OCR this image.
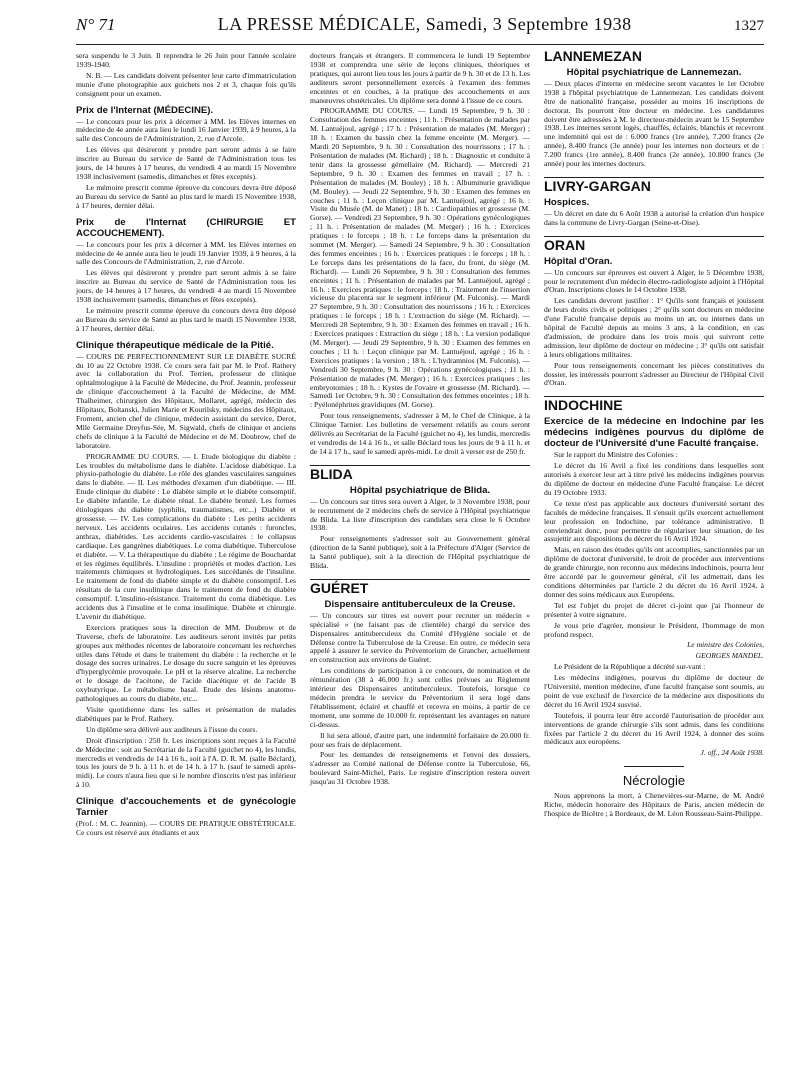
N° 71	LA PRESSE MÉDICALE, Samedi, 3 Septembre 1938	1327

sera suspendu le 3 Juin. Il reprendra le 26 Juin pour l'année scolaire 1939-1940.

N. B. — Les candidats doivent présenter leur carte d'immatriculation munie d'une photographie aux guichets nos 2 et 3, chaque fois qu'ils consignent pour un examen.

Prix de l'Internat (MÉDECINE).

— Le concours pour les prix à décerner à MM. les Elèves internes en médecine de 4e année aura lieu le lundi 16 Janvier 1939, à 9 heures, à la salle des Concours de l'Administration, 2, rue d'Arcole.

Les élèves qui désireront y prendre part seront admis à se faire inscrire au Bureau du service de Santé de l'Administration tous les jours, de 14 heures à 17 heures, du vendredi 4 au mardi 15 Novembre 1938 inclusivement (samedis, dimanches et fêtes exceptés).

Le mémoire prescrit comme épreuve du concours devra être déposé au Bureau du service de Santé au plus tard le mardi 15 Novembre 1938, à 17 heures, dernier délai.

Prix de l'Internat (CHIRURGIE ET ACCOUCHEMENT).

— Le concours pour les prix à décerner à MM. les Elèves internes en médecine de 4e année aura lieu le jeudi 19 Janvier 1939, à 9 heures, à la salle des Concours de l'Administration, 2, rue d'Arcole.

Les élèves qui désireront y prendre part seront admis à se faire inscrire au Bureau du service de Santé de l'Administration tous les jours, de 14 heures à 17 heures, du vendredi 4 au mardi 15 Novembre 1938 inclusivement (samedis, dimanches et fêtes exceptés).

Le mémoire prescrit comme épreuve du concours devra être déposé au Bureau du service de Santé au plus tard le mardi 15 Novembre 1938, à 17 heures, dernier délai.

Clinique thérapeutique médicale de la Pitié.

— COURS DE PERFECTIONNEMENT SUR LE DIABÈTE SUCRÉ du 10 au 22 Octobre 1938. Ce cours sera fait par M. le Prof. Rathery avec la collaboration du Prof. Terrien, professeur de clinique ophtalmologique à la Faculté de Médecine, du Prof. Jeannin, professeur de clinique d'accouchement à la Faculté de Médecine, de MM. Thalheimer, chirurgien des Hôpitaux, Mollaret, agrégé, médecin des Hôpitaux, Boltanski, Julien Marie et Kourilsky, médecins des Hôpitaux, Froment, ancien chef de clinique, médecin assistant du service, Derot, Mlle Germaine Dreyfus-Sée, M. Sigwald, chefs de clinique et anciens chefs de clinique à la Faculté de Médecine et de M. Doubrow, chef de laboratoire.

PROGRAMME DU COURS. — I. Etude biologique du diabète : Les troubles du métabolisme dans le diabète. L'acidose diabétique. La physio-pathologie du diabète. Le rôle des glandes vasculaires sanguines dans le diabète. — II. Les méthodes d'examen d'un diabétique. — III. Etude clinique du diabète : Le diabète simple et le diabète consomptif. Le diabète infantile. Le diabète rénal. Le diabète bronzé. Les formes étiologiques du diabète (syphilis, traumatismes, etc...) Diabète et grossesse. — IV. Les complications du diabète : Les petits accidents nerveux. Les accidents oculaires. Les accidents cutanés : furoncles, anthrax, diabétides. Les accidents cardio-vasculaires : le collapsus cardiaque. Les gangrènes diabétiques. Le coma diabétique. Tuberculose et diabète. — V. La thérapeutique du diabète : Le régime de Bouchardat et les régimes équilibrés. L'insuline : propriétés et modes d'action. Les traitements chimiques et hydrologiques. Les succédanés de l'insuline. Le traitement de fond du diabète simple et du diabète consomptif. Les résultats de la cure insulinique dans le traitement de fond du diabète consomptif. L'insulino-résistance. Traitement du coma diabétique. Les accidents dus à l'insuline et le coma insulinique. Diabète et chirurgie. L'avenir du diabétique.

Exercices pratiques sous la direction de MM. Doubrow et de Traverse, chefs de laboratoire. Les auditeurs seront invités par petits groupes aux méthodes récentes de laboratoire concernant les recherches utiles dans l'étude et dans le traitement du diabète : la recherche et le dosage des sucres urinaires. Le dosage du sucre sanguin et les épreuves d'hyperglycémie provoquée. Le pH et la réserve alcaline. La recherche et le dosage de l'acétone, de l'acide diacétique et de l'acide B oxybutyrique. Le métabolisme basal. Etude des lésions anatomo-pathologiques au cours du diabète, etc...

Visite quotidienne dans les salles et présentation de malades diabétiques par le Prof. Rathery.

Un diplôme sera délivré aux auditeurs à l'issue du cours.

Droit d'inscription : 250 fr. Les inscriptions sont reçues à la Faculté de Médecine : soit au Secrétariat de la Faculté (guichet no 4), les lundis, mercredis et vendredis de 14 à 16 h., soit à l'A. D. R. M. (salle Béclard), tous les jours de 9 h. à 11 h. et de 14 h. à 17 h. (sauf le samedi après-midi). Le cours n'aura lieu que si le nombre d'inscrits n'est pas inférieur à 10.

Clinique d'accouchements et de gynécologie Tarnier

(Prof. : M. C. Jeannin). — COURS DE PRATIQUE OBSTÉTRICALE. Ce cours est réservé aux étudiants et aux

docteurs français et étrangers. Il commencera le lundi 19 Septembre 1938 et comprendra une série de leçons cliniques, théoriques et pratiques, qui auront lieu tous les jours à partir de 9 h. 30 et de 13 h. Les auditeurs seront personnellement exercés à l'examen des femmes enceintes et en couches, à la pratique des accouchements et aux manœuvres obstétricales. Un diplôme sera donné à l'issue de ce cours.

PROGRAMME DU COURS. — Lundi 19 Septembre, 9 h. 30 : Consultation des femmes enceintes ; 11 h. : Présentation de malades par M. Lantuéjoul, agrégé ; 17 h. : Présentation de malades (M. Merger) ; 18 h. : Examen du bassin chez la femme enceinte (M. Merger). — Mardi 20 Septembre, 9 h. 30 : Consultation des nourrissons ; 17 h. : Présentation de malades (M. Richard) ; 18 h. : Diagnostic et conduite à tenir dans la grossesse gémellaire (M. Richard). — Mercredi 21 Septembre, 9 h. 30 : Examen des femmes en travail ; 17 h. : Présentation de malades (M. Bouley) ; 18 h. : Albuminurie gravidique (M. Bouley). — Jeudi 22 Septembre, 9 h. 30 : Examen des femmes en couches ; 11 h. : Leçon clinique par M. Lantuéjoul, agrégé ; 16 h. : Visite du Musée (M. de Manet) ; 18 h. : Cardiopathies et grossesse (M. Gorse). — Vendredi 23 Septembre, 9 h. 30 : Opérations gynécologiques ; 11 h. : Présentation de malades (M. Merger) ; 16 h. : Exercices pratiques : le forceps ; 18 h. : Le forceps dans la présentation du sommet (M. Merger). — Samedi 24 Septembre, 9 h. 30 : Consultation des femmes enceintes ; 16 h. : Exercices pratiques : le forceps ; 18 h. : Le forceps dans les présentations de la face, du front, du siège (M. Richard). — Lundi 26 Septembre, 9 h. 30 : Consultation des femmes enceintes ; 11 h. : Présentation de malades par M. Lantuéjoul, agrégé ; 16 h. : Exercices pratiques : le forceps ; 18 h. : Traitement de l'insertion vicieuse du placenta sur le segment inférieur (M. Fulconis). — Mardi 27 Septembre, 9 h. 30 : Consultation des nourrissons ; 16 h. : Exercices pratiques : le forceps ; 18 h. : L'extraction du siège (M. Richard). — Mercredi 28 Septembre, 9 h. 30 : Examen des femmes en travail ; 16 h. : Exercices pratiques : Extraction du siège ; 18 h. : La version podalique (M. Merger). — Jeudi 29 Septembre, 9 h. 30 : Examen des femmes en couches ; 11 h. : Leçon clinique par M. Lantuéjoul, agrégé ; 16 h. : Exercices pratiques : la version ; 18 h. : L'hydramnios (M. Fulconis). — Vendredi 30 Septembre, 9 h. 30 : Opérations gynécologiques ; 11 h. : Présentation de malades (M. Merger) ; 16 h. : Exercices pratiques : les embryotomies ; 18 h. : Kystes de l'ovaire et grossesse (M. Richard). — Samedi 1er Octobre, 9 h. 30 : Consultation des femmes enceintes ; 18 h. : Pyélonéphrites gravidiques (M. Gorse).

Pour tous renseignements, s'adresser à M. le Chef de Clinique, à la Clinique Tarnier. Les bulletins de versement relatifs au cours seront délivrés au Secrétariat de la Faculté (guichet no 4), les lundis, mercredis et vendredis de 14 à 16 h., et salle Béclard tous les jours de 9 à 11 h. et de 14 à 17 h., sauf le samedi après-midi. Le droit à verser est de 250 fr.

BLIDA
Hôpital psychiatrique de Blida.

— Un concours sur titres sera ouvert à Alger, le 3 Novembre 1938, pour le recrutement de 2 médecins chefs de service à l'Hôpital psychiatrique de Blida. La liste d'inscription des candidats sera close le 6 Octobre 1938.

Pour renseignements s'adresser soit au Gouvernement général (direction de la Santé publique), soit à la Préfecture d'Alger (Service de la Santé publique), soit à la direction de l'Hôpital psychiatrique de Blida.

GUÉRET
Dispensaire antituberculeux de la Creuse.

— Un concours sur titres est ouvert pour recruter un médecin « spécialisé » (ne faisant pas de clientèle) chargé du service des Dispensaires antituberculeux du Comité d'Hygiène sociale et de Défense contre la Tuberculose de la Creuse. En outre, ce médecin sera appelé à assurer le service du Préventorium de Grancher, actuellement en construction aux environs de Guéret.

Les conditions de participation à ce concours, de nomination et de rémunération (38 à 46.000 fr.) sont celles prévues au Règlement intérieur des Dispensaires antituberculeux. Toutefois, lorsque ce médecin prendra le service du Préventorium il sera logé dans l'établissement, éclairé et chauffé et recevra en moins, à partir de ce moment, une somme de 10.000 fr. représentant les avantages en nature ci-dessus.

Il lui sera alloué, d'autre part, une indemnité forfaitaire de 20.000 fr. pour ses frais de déplacement.

Pour les demandes de renseignements et l'envoi des dossiers, s'adresser au Comité national de Défense contre la Tuberculose, 66, boulevard Saint-Michel, Paris. Le registre d'inscription restera ouvert jusqu'au 31 Octobre 1938.

LANNEMEZAN
Hôpital psychiatrique de Lannemezan.

— Deux places d'interne en médecine seront vacantes le 1er Octobre 1938 à l'hôpital psychiatrique de Lannemezan. Les candidats doivent être de nationalité française, posséder au moins 16 inscriptions de doctorat. Ils pourront être docteur en médecine. Les candidatures doivent être adressées à M. le directeur-médecin avant le 15 Septembre 1938. Les internes seront logés, chauffés, éclairés, blanchis et recevront une indemnité qui est de : 6.000 francs (1re année), 7.200 francs (2e année), 8.400 francs (3e année) pour les internes non docteurs et de : 7.200 francs (1re année), 8.400 francs (2e année), 10.800 francs (3e année) pour les internes docteurs.

LIVRY-GARGAN
Hospices.

— Un décret en date du 6 Août 1938 a autorisé la création d'un hospice dans la commune de Livry-Gargan (Seine-et-Oise).

ORAN
Hôpital d'Oran.

— Un concours sur épreuves est ouvert à Alger, le 5 Décembre 1938, pour le recrutement d'un médecin électro-radiologiste adjoint à l'Hôpital d'Oran. Inscriptions closes le 14 Octobre 1938.

Les candidats devront justifier : 1° Qu'ils sont français et jouissent de leurs droits civils et politiques ; 2° qu'ils sont docteurs en médecine d'une Faculté française depuis au moins un an, ou internes dans un hôpital de Faculté depuis au moins 3 ans, à la condition, en cas d'admission, de produire dans les trois mois qui suivront cette admission, leur diplôme de docteur en médecine ; 3° qu'ils ont satisfait à leurs obligations militaires.

Pour tous renseignements concernant les pièces constitutives du dossier, les intéressés pourront s'adresser au Directeur de l'Hôpital Civil d'Oran.

INDOCHINE
Exercice de la médecine en Indochine par les médecins indigènes pourvus du diplôme de docteur de l'Université d'une Faculté française.

Sur le rapport du Ministre des Colonies :

Le décret du 16 Avril a fixé les conditions dans lesquelles sont autorisés à exercer leur art à titre privé les médecins indigènes pourvus du diplôme de docteur en médecine d'une Faculté française. Le décret du 19 Octobre 1933.

Ce texte n'est pas applicable aux docteurs d'université sortant des facultés de médecine françaises. Il s'ensuit qu'ils exercent actuellement leur profession en Indochine, par tolérance administrative. Il conviendrait donc, pour permettre de régulariser leur situation, de les assujettir aux dispositions du décret du 16 Avril 1924.

Mais, en raison des études qu'ils ont accomplies, sanctionnées par un diplôme de doctorat d'université, le droit de procéder aux interventions de grande chirurgie, non reconnu aux médecins indochinois, pourra leur être accordé par le gouverneur général, s'il les admettait, dans les conditions déterminées par l'article 2 du décret du 16 Avril 1924, à donner des soins médicaux aux Européens.

Tel est l'objet du projet de décret ci-joint que j'ai l'honneur de présenter à votre signature.

Je vous prie d'agréer, monsieur le Président, l'hommage de mon profond respect.

Le ministre des Colonies,
GEORGES MANDEL.

Le Président de la République a décrété sur-vant :

Les médecins indigènes, pourvus du diplôme de docteur de l'Université, mention médecine, d'une faculté française sont soumis, au point de vue exclusif de l'exercice de la médecine aux dispositions du décret du 16 Avril 1924 susvisé.

Toutefois, il pourra leur être accordé l'autorisation de procéder aux interventions de grande chirurgie s'ils sont admis, dans les conditions fixées par l'article 2 du décret du 16 Avril 1924, à donner des soins médicaux aux européens.

J. off., 24 Août 1938.
Nécrologie

Nous apprenons la mort, à Chenevières-sur-Marne, de M. André Riche, médecin honoraire des Hôpitaux de Paris, ancien médecin de l'hospice de Bicêtre ; à Bordeaux, de M. Léon Rousseau-Saint-Philippe.
